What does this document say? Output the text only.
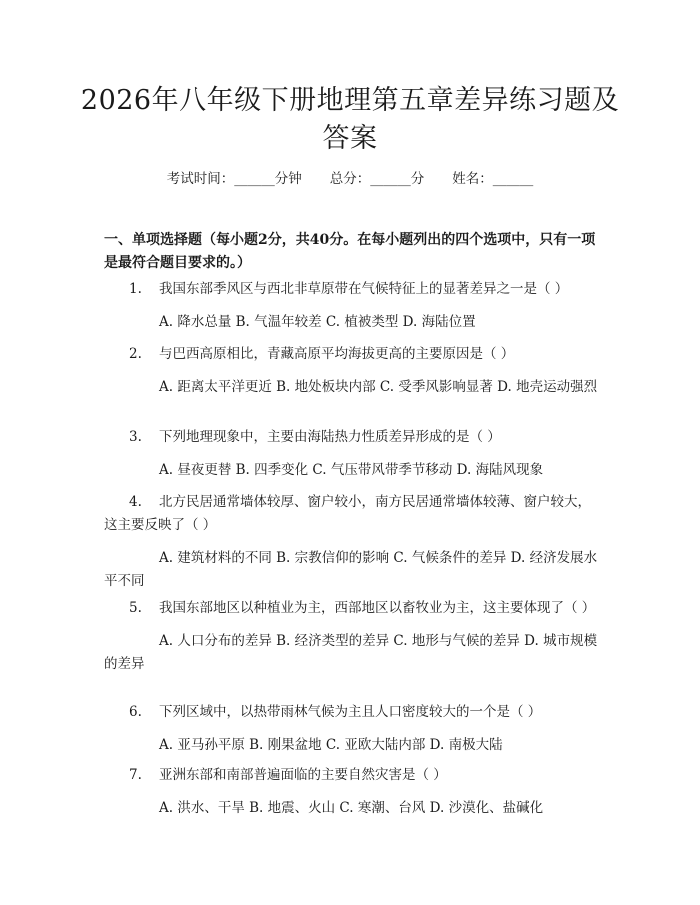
2026年八年级下册地理第五章差异练习题及答案
考试时间：______分钟 总分：______分 姓名：______
一、单项选择题（每小题2分，共40分。在每小题列出的四个选项中，只有一项是最符合题目要求的。）

1. 我国东部季风区与西北非草原带在气候特征上的显著差异之一是（ ）

A. 降水总量 B. 气温年较差 C. 植被类型 D. 海陆位置

2. 与巴西高原相比，青藏高原平均海拔更高的主要原因是（ ）

A. 距离太平洋更近 B. 地处板块内部 C. 受季风影响显著 D. 地壳运动强烈

3. 下列地理现象中，主要由海陆热力性质差异形成的是（ ）

A. 昼夜更替 B. 四季变化 C. 气压带风带季节移动 D. 海陆风现象

4. 北方民居通常墙体较厚、窗户较小，南方民居通常墙体较薄、窗户较大，这主要反映了（ ）

A. 建筑材料的不同 B. 宗教信仰的影响 C. 气候条件的差异 D. 经济发展水平不同

5. 我国东部地区以种植业为主，西部地区以畜牧业为主，这主要体现了（ ）

A. 人口分布的差异 B. 经济类型的差异 C. 地形与气候的差异 D. 城市规模的差异

6. 下列区域中，以热带雨林气候为主且人口密度较大的一个是（ ）

A. 亚马孙平原 B. 刚果盆地 C. 亚欧大陆内部 D. 南极大陆

7. 亚洲东部和南部普遍面临的主要自然灾害是（ ）

A. 洪水、干旱 B. 地震、火山 C. 寒潮、台风 D. 沙漠化、盐碱化
